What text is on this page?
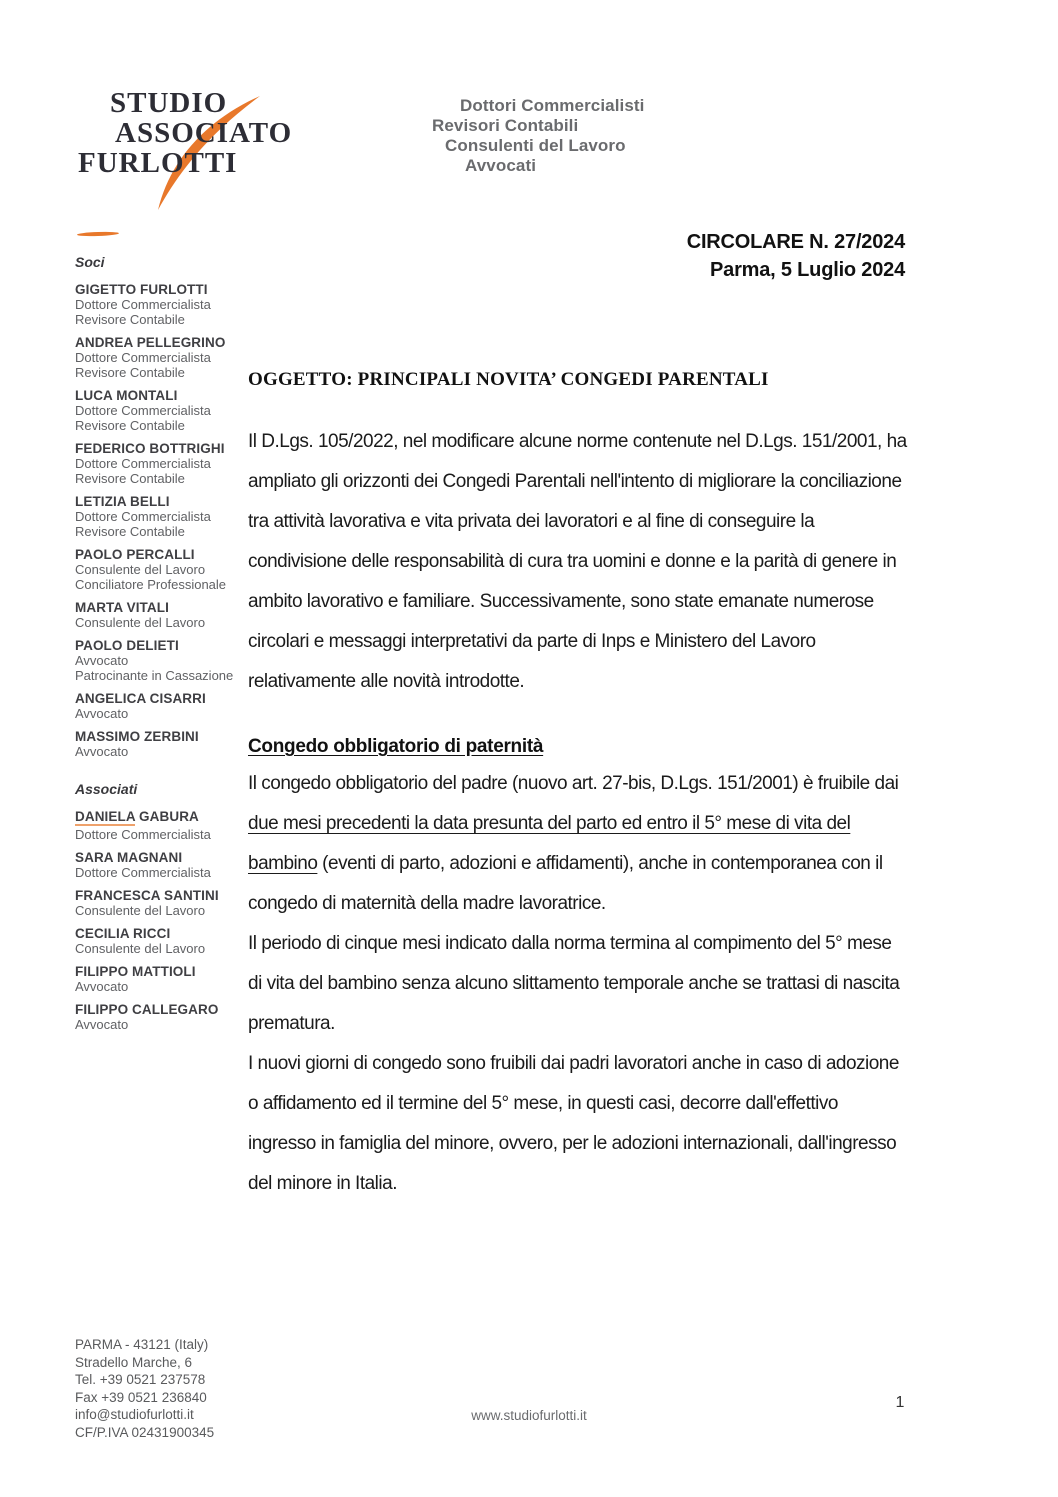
STUDIO
ASSOCIATO
FURLOTTI
Dottori Commercialisti
Revisori Contabili
Consulenti del Lavoro
Avvocati
CIRCOLARE N. 27/2024
Parma, 5 Luglio 2024
Soci
GIGETTO FURLOTTI
Dottore Commercialista
Revisore Contabile
ANDREA PELLEGRINO
Dottore Commercialista
Revisore Contabile
LUCA MONTALI
Dottore Commercialista
Revisore Contabile
FEDERICO BOTTRIGHI
Dottore Commercialista
Revisore Contabile
LETIZIA BELLI
Dottore Commercialista
Revisore Contabile
PAOLO PERCALLI
Consulente del Lavoro
Conciliatore Professionale
MARTA VITALI
Consulente del Lavoro
PAOLO DELIETI
Avvocato
Patrocinante in Cassazione
ANGELICA CISARRI
Avvocato
MASSIMO ZERBINI
Avvocato
Associati
DANIELA GABURA
Dottore Commercialista
SARA MAGNANI
Dottore Commercialista
FRANCESCA SANTINI
Consulente del Lavoro
CECILIA RICCI
Consulente del Lavoro
FILIPPO MATTIOLI
Avvocato
FILIPPO CALLEGARO
Avvocato
OGGETTO: PRINCIPALI NOVITA’ CONGEDI PARENTALI

Il D.Lgs. 105/2022, nel modificare alcune norme contenute nel D.Lgs. 151/2001, ha ampliato gli orizzonti dei Congedi Parentali nell'intento di migliorare la conciliazione tra attività lavorativa e vita privata dei lavoratori e al fine di conseguire la condivisione delle responsabilità di cura tra uomini e donne e la parità di genere in ambito lavorativo e familiare. Successivamente, sono state emanate numerose circolari e messaggi interpretativi da parte di Inps e Ministero del Lavoro relativamente alle novità introdotte.

Congedo obbligatorio di paternità

Il congedo obbligatorio del padre (nuovo art. 27-bis, D.Lgs. 151/2001) è fruibile dai due mesi precedenti la data presunta del parto ed entro il 5° mese di vita del bambino (eventi di parto, adozioni e affidamenti), anche in contemporanea con il congedo di maternità della madre lavoratrice.

Il periodo di cinque mesi indicato dalla norma termina al compimento del 5° mese di vita del bambino senza alcuno slittamento temporale anche se trattasi di nascita prematura.

I nuovi giorni di congedo sono fruibili dai padri lavoratori anche in caso di adozione o affidamento ed il termine del 5° mese, in questi casi, decorre dall'effettivo ingresso in famiglia del minore, ovvero, per le adozioni internazionali, dall'ingresso del minore in Italia.

PARMA - 43121 (Italy)
Stradello Marche, 6
Tel. +39 0521 237578
Fax +39 0521 236840
info@studiofurlotti.it
CF/P.IVA 02431900345
www.studiofurlotti.it
1
